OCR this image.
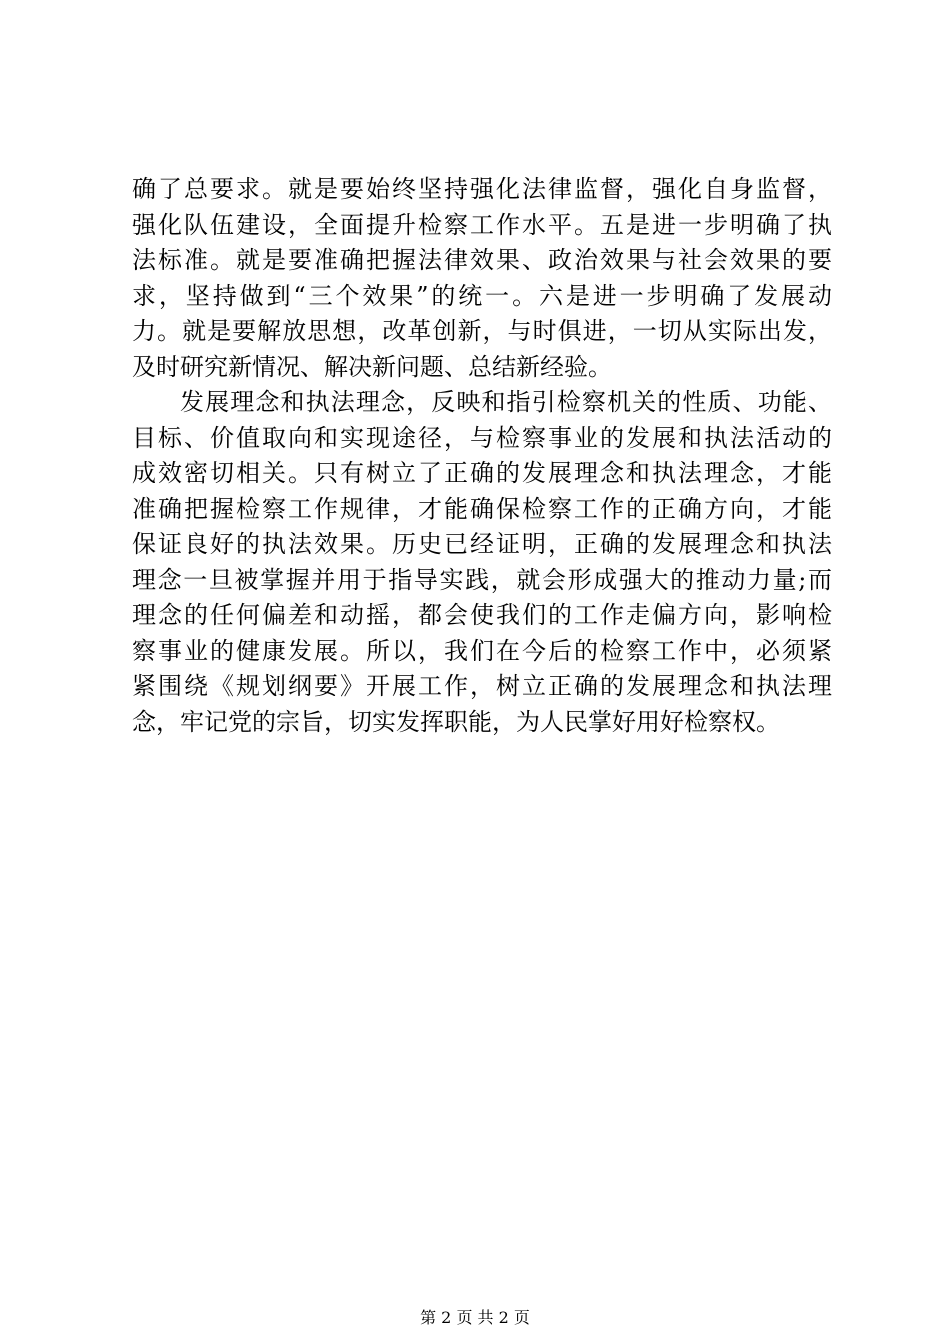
确了总要求。就是要始终坚持强化法律监督，强化自身监督，
强化队伍建设，全面提升检察工作水平。五是进一步明确了执
法标准。就是要准确把握法律效果、政治效果与社会效果的要
求，坚持做到“三个效果”的统一。六是进一步明确了发展动
力。就是要解放思想，改革创新，与时俱进，一切从实际出发，
及时研究新情况、解决新问题、总结新经验。
发展理念和执法理念，反映和指引检察机关的性质、功能、
目标、价值取向和实现途径，与检察事业的发展和执法活动的
成效密切相关。只有树立了正确的发展理念和执法理念，才能
准确把握检察工作规律，才能确保检察工作的正确方向，才能
保证良好的执法效果。历史已经证明，正确的发展理念和执法
理念一旦被掌握并用于指导实践，就会形成强大的推动力量;而
理念的任何偏差和动摇，都会使我们的工作走偏方向，影响检
察事业的健康发展。所以，我们在今后的检察工作中，必须紧
紧围绕《规划纲要》开展工作，树立正确的发展理念和执法理
念，牢记党的宗旨，切实发挥职能，为人民掌好用好检察权。
第 2 页 共 2 页
